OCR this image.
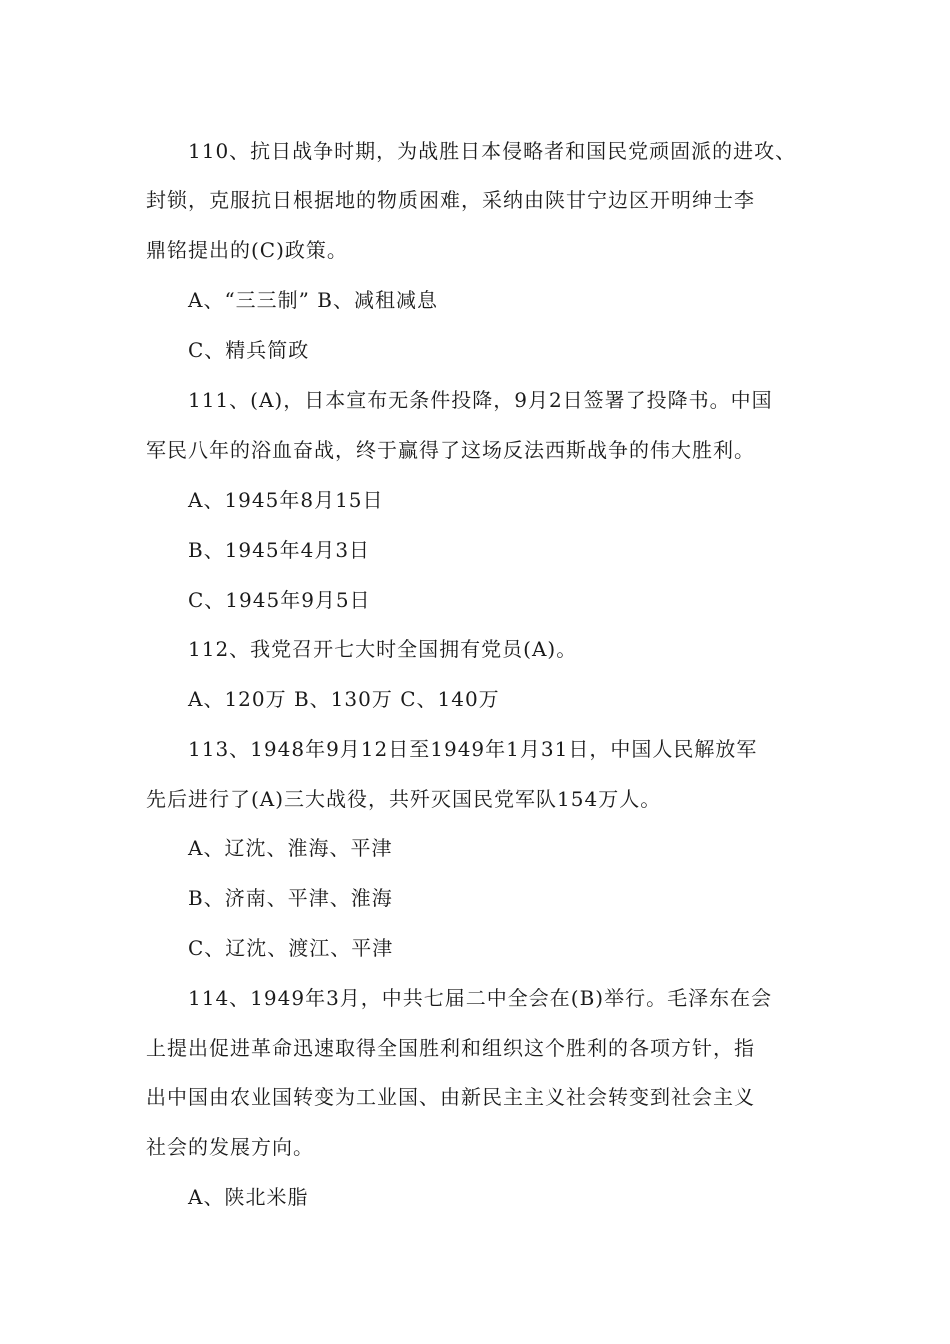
110、抗日战争时期，为战胜日本侵略者和国民党顽固派的进攻、
封锁，克服抗日根据地的物质困难，采纳由陕甘宁边区开明绅士李
鼎铭提出的(C)政策。
A、“三三制” B、减租减息
C、精兵简政
111、(A)，日本宣布无条件投降，9月2日签署了投降书。中国
军民八年的浴血奋战，终于赢得了这场反法西斯战争的伟大胜利。
A、1945年8月15日
B、1945年4月3日
C、1945年9月5日
112、我党召开七大时全国拥有党员(A)。
A、120万 B、130万 C、140万
113、1948年9月12日至1949年1月31日，中国人民解放军
先后进行了(A)三大战役，共歼灭国民党军队154万人。
A、辽沈、淮海、平津
B、济南、平津、淮海
C、辽沈、渡江、平津
114、1949年3月，中共七届二中全会在(B)举行。毛泽东在会
上提出促进革命迅速取得全国胜利和组织这个胜利的各项方针，指
出中国由农业国转变为工业国、由新民主主义社会转变到社会主义
社会的发展方向。
A、陕北米脂
